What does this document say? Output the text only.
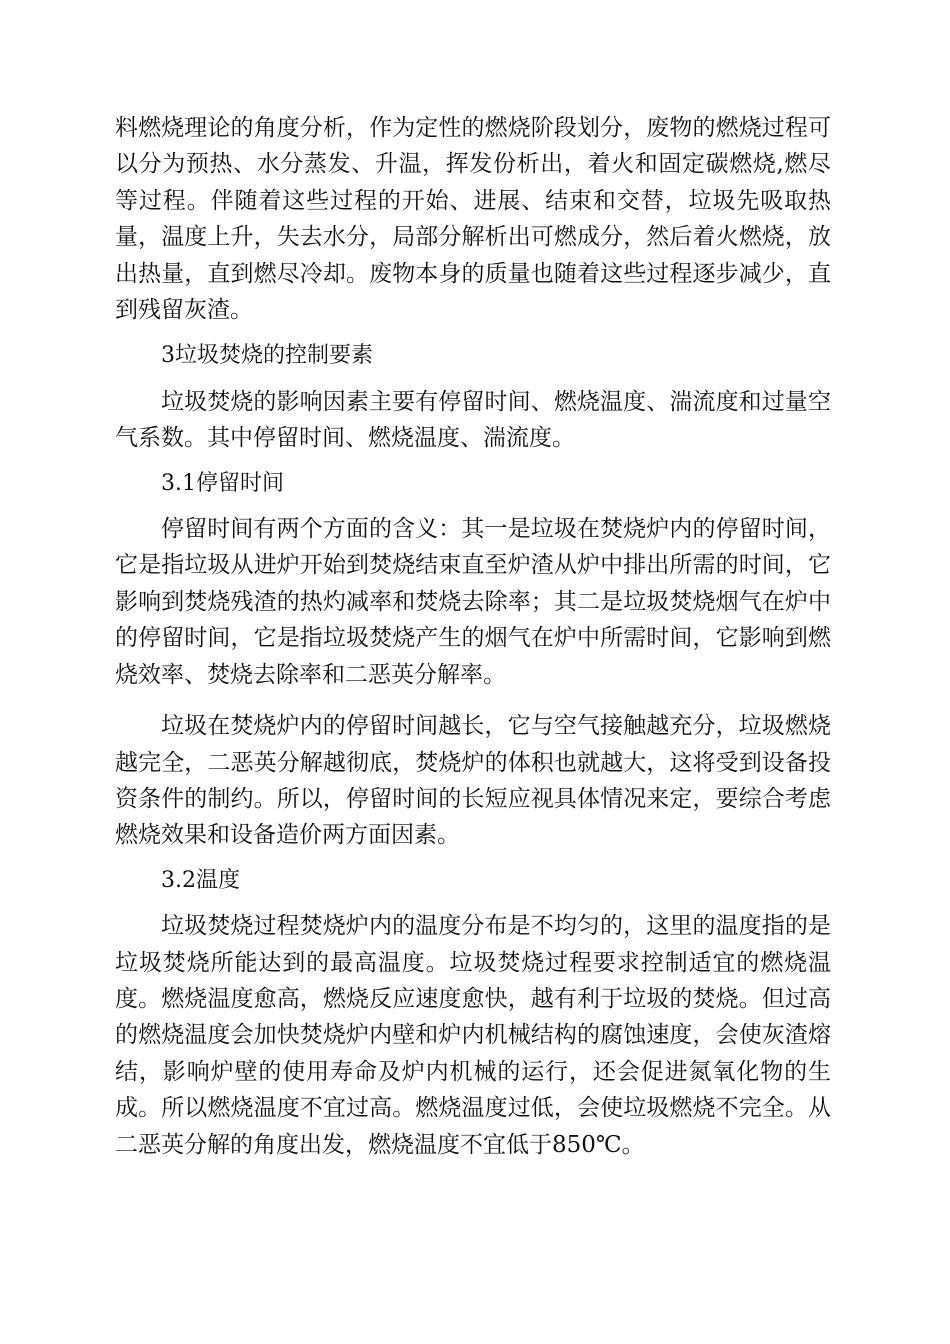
料燃烧理论的角度分析，作为定性的燃烧阶段划分，废物的燃烧过程可以分为预热、水分蒸发、升温，挥发份析出，着火和固定碳燃烧,燃尽等过程。伴随着这些过程的开始、进展、结束和交替，垃圾先吸取热量，温度上升，失去水分，局部分解析出可燃成分，然后着火燃烧，放出热量，直到燃尽冷却。废物本身的质量也随着这些过程逐步减少，直到残留灰渣。

3垃圾焚烧的控制要素

垃圾焚烧的影响因素主要有停留时间、燃烧温度、湍流度和过量空气系数。其中停留时间、燃烧温度、湍流度。

3.1停留时间

停留时间有两个方面的含义：其一是垃圾在焚烧炉内的停留时间，它是指垃圾从进炉开始到焚烧结束直至炉渣从炉中排出所需的时间，它影响到焚烧残渣的热灼减率和焚烧去除率；其二是垃圾焚烧烟气在炉中的停留时间，它是指垃圾焚烧产生的烟气在炉中所需时间，它影响到燃烧效率、焚烧去除率和二恶英分解率。

垃圾在焚烧炉内的停留时间越长，它与空气接触越充分，垃圾燃烧越完全，二恶英分解越彻底，焚烧炉的体积也就越大，这将受到设备投资条件的制约。所以，停留时间的长短应视具体情况来定，要综合考虑燃烧效果和设备造价两方面因素。

3.2温度

垃圾焚烧过程焚烧炉内的温度分布是不均匀的，这里的温度指的是垃圾焚烧所能达到的最高温度。垃圾焚烧过程要求控制适宜的燃烧温度。燃烧温度愈高，燃烧反应速度愈快，越有利于垃圾的焚烧。但过高的燃烧温度会加快焚烧炉内壁和炉内机械结构的腐蚀速度，会使灰渣熔结，影响炉壁的使用寿命及炉内机械的运行，还会促进氮氧化物的生成。所以燃烧温度不宜过高。燃烧温度过低，会使垃圾燃烧不完全。从二恶英分解的角度出发，燃烧温度不宜低于850℃。
